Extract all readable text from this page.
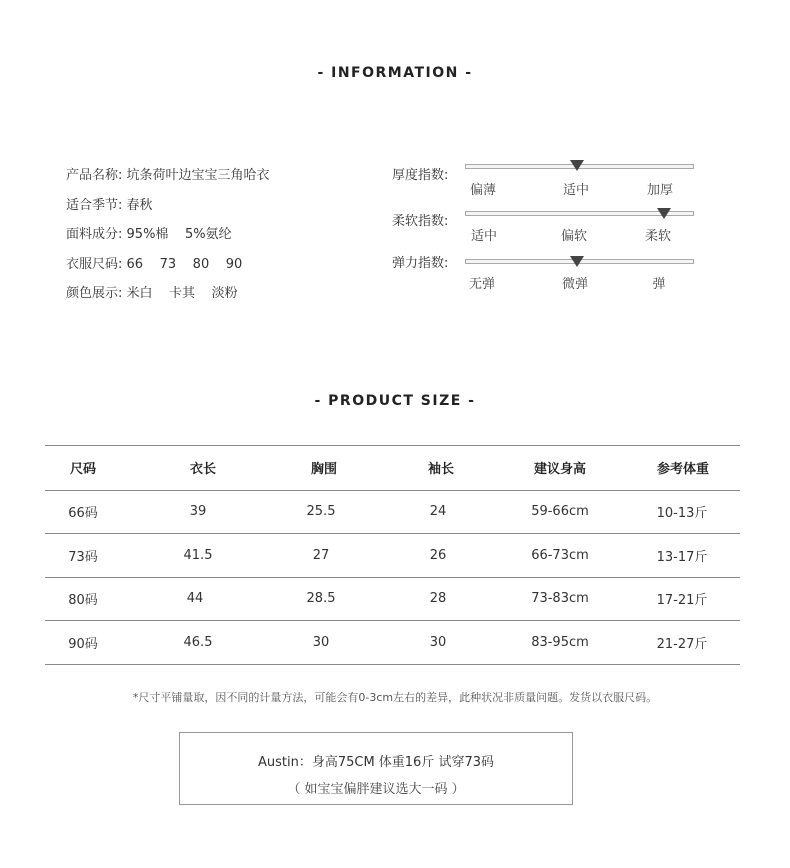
- INFORMATION -
产品名称: 坑条荷叶边宝宝三角哈衣
适合季节: 春秋
面料成分: 95%棉    5%氨纶
衣服尺码: 66    73    80    90
颜色展示: 米白    卡其    淡粉
厚度指数:
偏薄	适中	加厚
柔软指数:
适中	偏软	柔软
弹力指数:
无弹	微弹	弹
- PRODUCT SIZE -
尺码	衣长	胸围	袖长	建议身高	参考体重
66码	39	25.5	24	59-66cm	10-13斤
73码	41.5	27	26	66-73cm	13-17斤
80码	44	28.5	28	73-83cm	17-21斤
90码	46.5	30	30	83-95cm	21-27斤
*尺寸平铺量取，因不同的计量方法，可能会有0-3cm左右的差异，此种状况非质量问题。发货以衣服尺码。
Austin：身高75CM 体重16斤 试穿73码
（ 如宝宝偏胖建议选大一码 ）
